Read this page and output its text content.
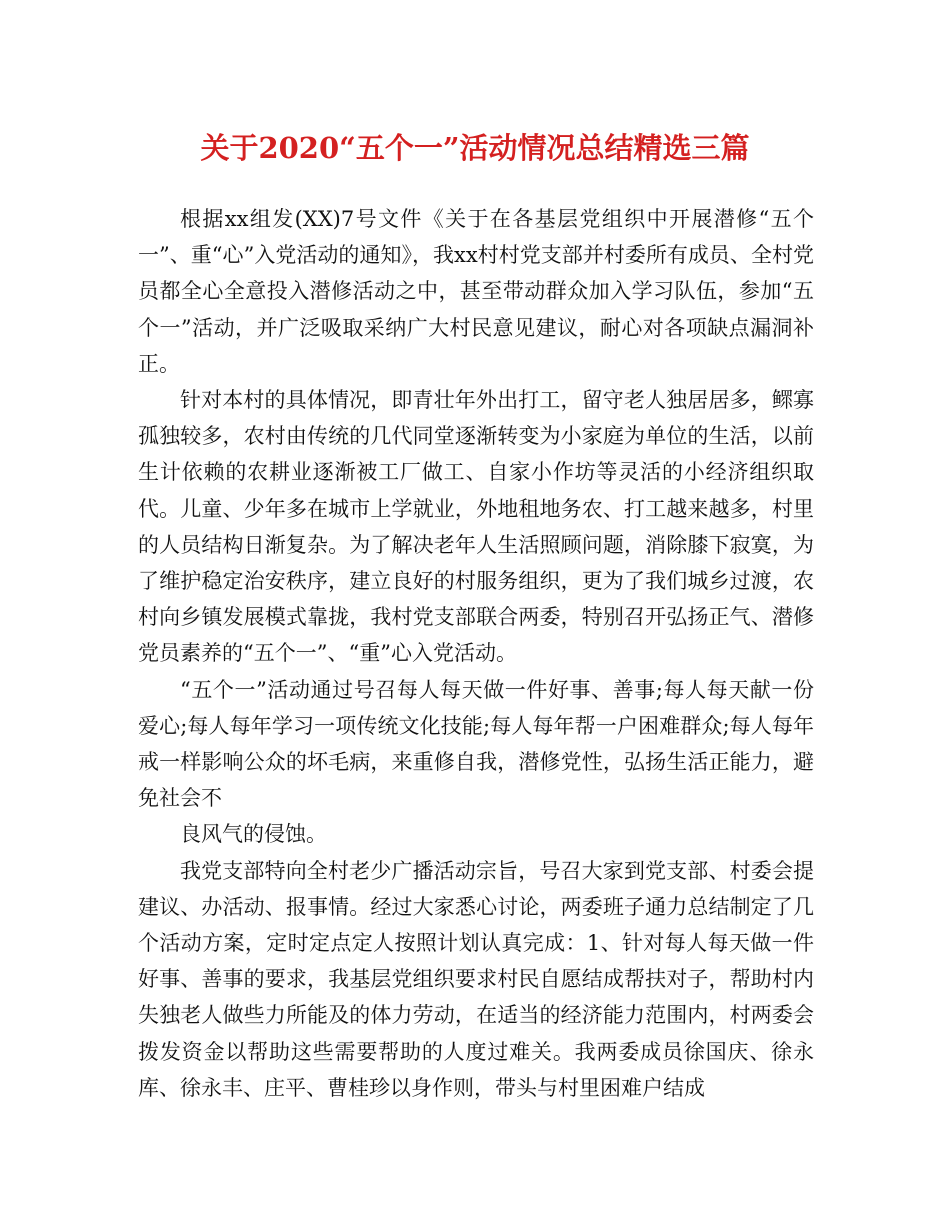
关于2020“五个一”活动情况总结精选三篇

根据xx组发(XX)7号文件《关于在各基层党组织中开展潜修“五个一”、重“心”入党活动的通知》，我xx村村党支部并村委所有成员、全村党员都全心全意投入潜修活动之中，甚至带动群众加入学习队伍，参加“五个一”活动，并广泛吸取采纳广大村民意见建议，耐心对各项缺点漏洞补正。

针对本村的具体情况，即青壮年外出打工，留守老人独居居多，鳏寡孤独较多，农村由传统的几代同堂逐渐转变为小家庭为单位的生活，以前生计依赖的农耕业逐渐被工厂做工、自家小作坊等灵活的小经济组织取代。儿童、少年多在城市上学就业，外地租地务农、打工越来越多，村里的人员结构日渐复杂。为了解决老年人生活照顾问题，消除膝下寂寞，为了维护稳定治安秩序，建立良好的村服务组织，更为了我们城乡过渡，农村向乡镇发展模式靠拢，我村党支部联合两委，特别召开弘扬正气、潜修党员素养的“五个一”、“重”心入党活动。

“五个一”活动通过号召每人每天做一件好事、善事;每人每天献一份爱心;每人每年学习一项传统文化技能;每人每年帮一户困难群众;每人每年戒一样影响公众的坏毛病，来重修自我，潜修党性，弘扬生活正能力，避免社会不

良风气的侵蚀。

我党支部特向全村老少广播活动宗旨，号召大家到党支部、村委会提建议、办活动、报事情。经过大家悉心讨论，两委班子通力总结制定了几个活动方案，定时定点定人按照计划认真完成：1、针对每人每天做一件好事、善事的要求，我基层党组织要求村民自愿结成帮扶对子，帮助村内失独老人做些力所能及的体力劳动，在适当的经济能力范围内，村两委会拨发资金以帮助这些需要帮助的人度过难关。我两委成员徐国庆、徐永库、徐永丰、庄平、曹桂珍以身作则，带头与村里困难户结成
